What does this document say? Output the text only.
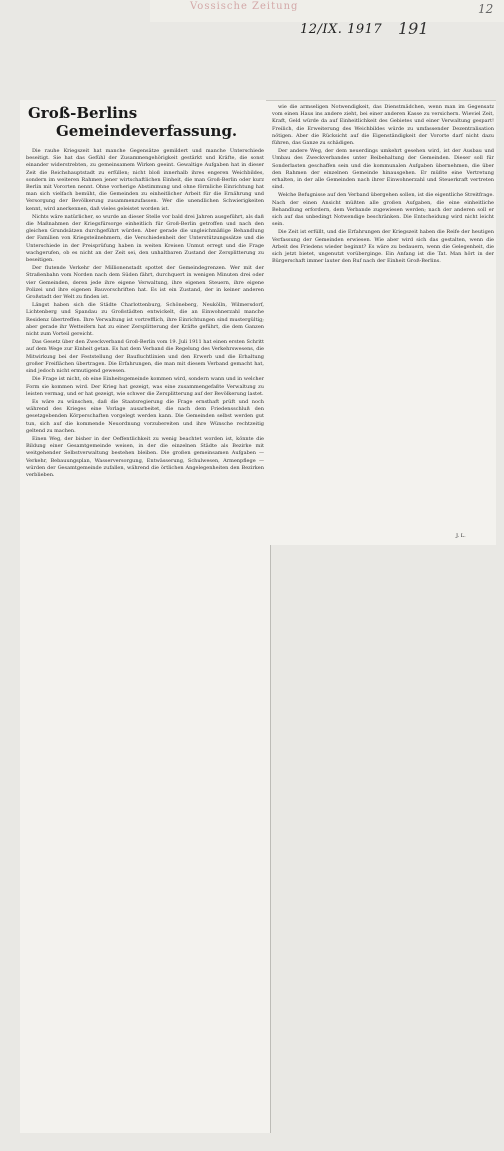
Vossische Zeitung
12/IX. 1917 191
12
Groß-Berlins
Gemeindeverfassung.

Die rauhe Kriegszeit hat manche Gegensätze gemildert und manche Unterschiede beseitigt. Sie hat das Gefühl der Zusammengehörigkeit gestärkt und Kräfte, die sonst einander widerstrebten, zu gemeinsamem Wirken geeint. Gewaltige Aufgaben hat in dieser Zeit die Reichshauptstadt zu erfüllen; nicht bloß innerhalb ihres engeren Weichbildes, sondern im weiteren Rahmen jener wirtschaftlichen Einheit, die man Groß-Berlin oder kurz Berlin mit Vororten nennt. Ohne vorherige Abstimmung und ohne förmliche Einrichtung hat man sich vielfach bemüht, die Gemeinden zu einheitlicher Arbeit für die Ernährung und Versorgung der Bevölkerung zusammenzufassen. Wer die unendlichen Schwierigkeiten kennt, wird anerkennen, daß vieles geleistet worden ist.

Nichts wäre natürlicher, so wurde an dieser Stelle vor bald drei Jahren ausgeführt, als daß die Maßnahmen der Kriegsfürsorge einheitlich für Groß-Berlin getroffen und nach den gleichen Grundsätzen durchgeführt würden. Aber gerade die ungleichmäßige Behandlung der Familien von Kriegsteilnehmern, die Verschiedenheit der Unterstützungssätze und die Unterschiede in der Preisprüfung haben in weiten Kreisen Unmut erregt und die Frage wachgerufen, ob es nicht an der Zeit sei, den unhaltbaren Zustand der Zersplitterung zu beseitigen.

Der flutende Verkehr der Millionenstadt spottet der Gemeindegrenzen. Wer mit der Straßenbahn vom Norden nach dem Süden fährt, durchquert in wenigen Minuten drei oder vier Gemeinden, deren jede ihre eigene Verwaltung, ihre eigenen Steuern, ihre eigene Polizei und ihre eigenen Bauvorschriften hat. Es ist ein Zustand, der in keiner anderen Großstadt der Welt zu finden ist.

Längst haben sich die Städte Charlottenburg, Schöneberg, Neukölln, Wilmersdorf, Lichtenberg und Spandau zu Großstädten entwickelt, die an Einwohnerzahl manche Residenz übertreffen. Ihre Verwaltung ist vortrefflich, ihre Einrichtungen sind mustergültig; aber gerade ihr Wetteifern hat zu einer Zersplitterung der Kräfte geführt, die dem Ganzen nicht zum Vorteil gereicht.

Das Gesetz über den Zweckverband Groß-Berlin vom 19. Juli 1911 hat einen ersten Schritt auf dem Wege zur Einheit getan. Es hat dem Verband die Regelung des Verkehrswesens, die Mitwirkung bei der Feststellung der Baufluchtlinien und den Erwerb und die Erhaltung großer Freiflächen übertragen. Die Erfahrungen, die man mit diesem Verband gemacht hat, sind jedoch nicht ermutigend gewesen.

Die Frage ist nicht, ob eine Einheitsgemeinde kommen wird, sondern wann und in welcher Form sie kommen wird. Der Krieg hat gezeigt, was eine zusammengefaßte Verwaltung zu leisten vermag, und er hat gezeigt, wie schwer die Zersplitterung auf der Bevölkerung lastet.

Es wäre zu wünschen, daß die Staatsregierung die Frage ernsthaft prüft und noch während des Krieges eine Vorlage ausarbeitet, die nach dem Friedensschluß den gesetzgebenden Körperschaften vorgelegt werden kann. Die Gemeinden selbst werden gut tun, sich auf die kommende Neuordnung vorzubereiten und ihre Wünsche rechtzeitig geltend zu machen.

Einen Weg, der bisher in der Oeffentlichkeit zu wenig beachtet worden ist, könnte die Bildung einer Gesamtgemeinde weisen, in der die einzelnen Städte als Bezirke mit weitgehender Selbstverwaltung bestehen bleiben. Die großen gemeinsamen Aufgaben — Verkehr, Bebauungsplan, Wasserversorgung, Entwässerung, Schulwesen, Armenpflege — würden der Gesamtgemeinde zufallen, während die örtlichen Angelegenheiten den Bezirken verblieben.

wie die armseligen Notwendigkeit, das Dienstmädchen, wenn man im Gegensatz vom einen Haus ins andere zieht, bei einer anderen Kasse zu versichern. Wieviel Zeit, Kraft, Geld würde da auf Einheitlichkeit des Gebietes und einer Verwaltung gespart! Freilich, die Erweiterung des Weichbildes würde zu umfassender Dezentralisation nötigen. Aber die Rücksicht auf die Eigenständigkeit der Vororte darf nicht dazu führen, das Ganze zu schädigen.

Der andere Weg, der dem neuerdings umkehrt gesehen wird, ist der Ausbau und Umbau des Zweckverbandes unter Beibehaltung der Gemeinden. Dieser soll für Sonderlasten geschaffen sein und die kommunalen Aufgaben übernehmen, die über den Rahmen der einzelnen Gemeinde hinausgehen. Er müßte eine Vertretung erhalten, in der alle Gemeinden nach ihrer Einwohnerzahl und Steuerkraft vertreten sind.

Welche Befugnisse auf den Verband übergehen sollen, ist die eigentliche Streitfrage. Nach der einen Ansicht müßten alle großen Aufgaben, die eine einheitliche Behandlung erfordern, dem Verbande zugewiesen werden; nach der anderen soll er sich auf das unbedingt Notwendige beschränken. Die Entscheidung wird nicht leicht sein.

Die Zeit ist erfüllt, und die Erfahrungen der Kriegszeit haben die Reife der heutigen Verfassung der Gemeinden erwiesen. Wie aber wird sich das gestalten, wenn die Arbeit des Friedens wieder beginnt? Es wäre zu bedauern, wenn die Gelegenheit, die sich jetzt bietet, ungenutzt vorüberginge. Ein Anfang ist die Tat. Man hört in der Bürgerschaft immer lauter den Ruf nach der Einheit Groß-Berlins.

J. L.
